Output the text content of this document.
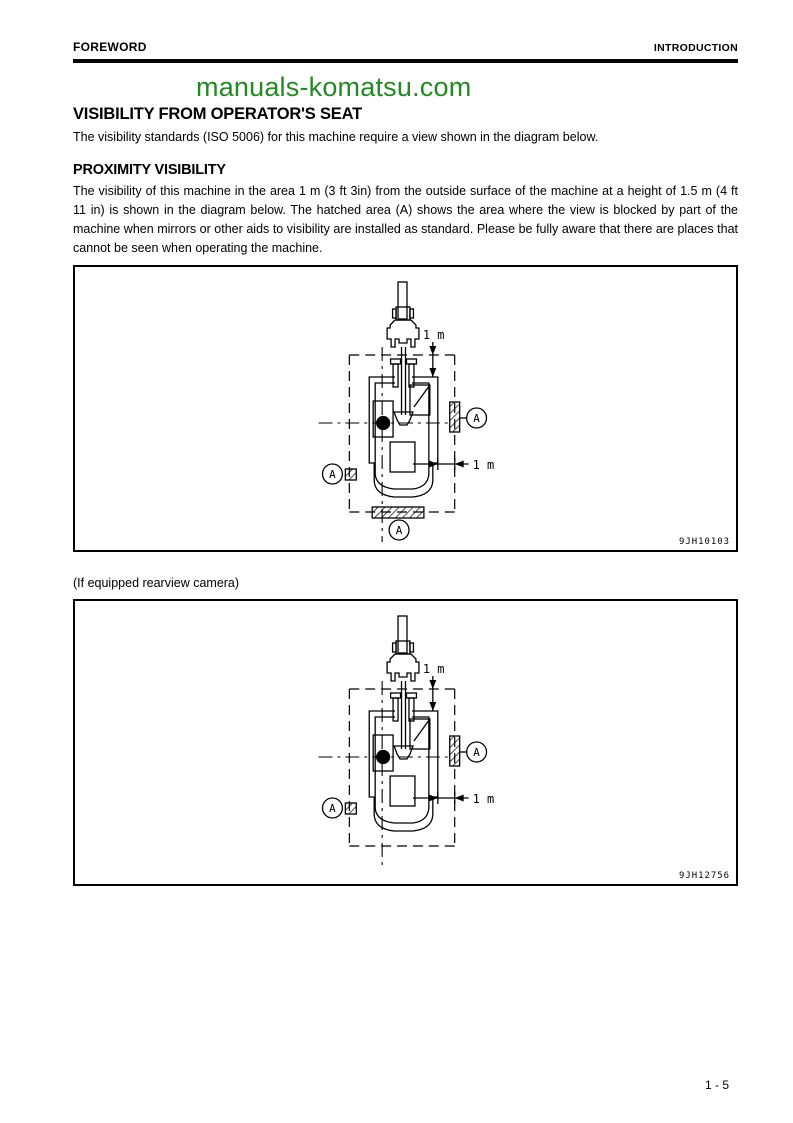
FOREWORD	INTRODUCTION
manuals-komatsu.com
VISIBILITY FROM OPERATOR'S SEAT
The visibility standards (ISO 5006) for this machine require a view shown in the diagram below.
PROXIMITY VISIBILITY
The visibility of this machine in the area 1 m (3 ft 3in) from the outside surface of the machine at a height of 1.5 m (4 ft 11 in) is shown in the diagram below. The hatched area (A) shows the area where the view is blocked by part of the machine when mirrors or other aids to visibility are installed as standard. Please be fully aware that there are places that cannot be seen when operating the machine.
1 m
1 m
A
A
A
9JH10103
(If equipped rearview camera)
1 m
1 m
A
A
9JH12756
1 - 5
